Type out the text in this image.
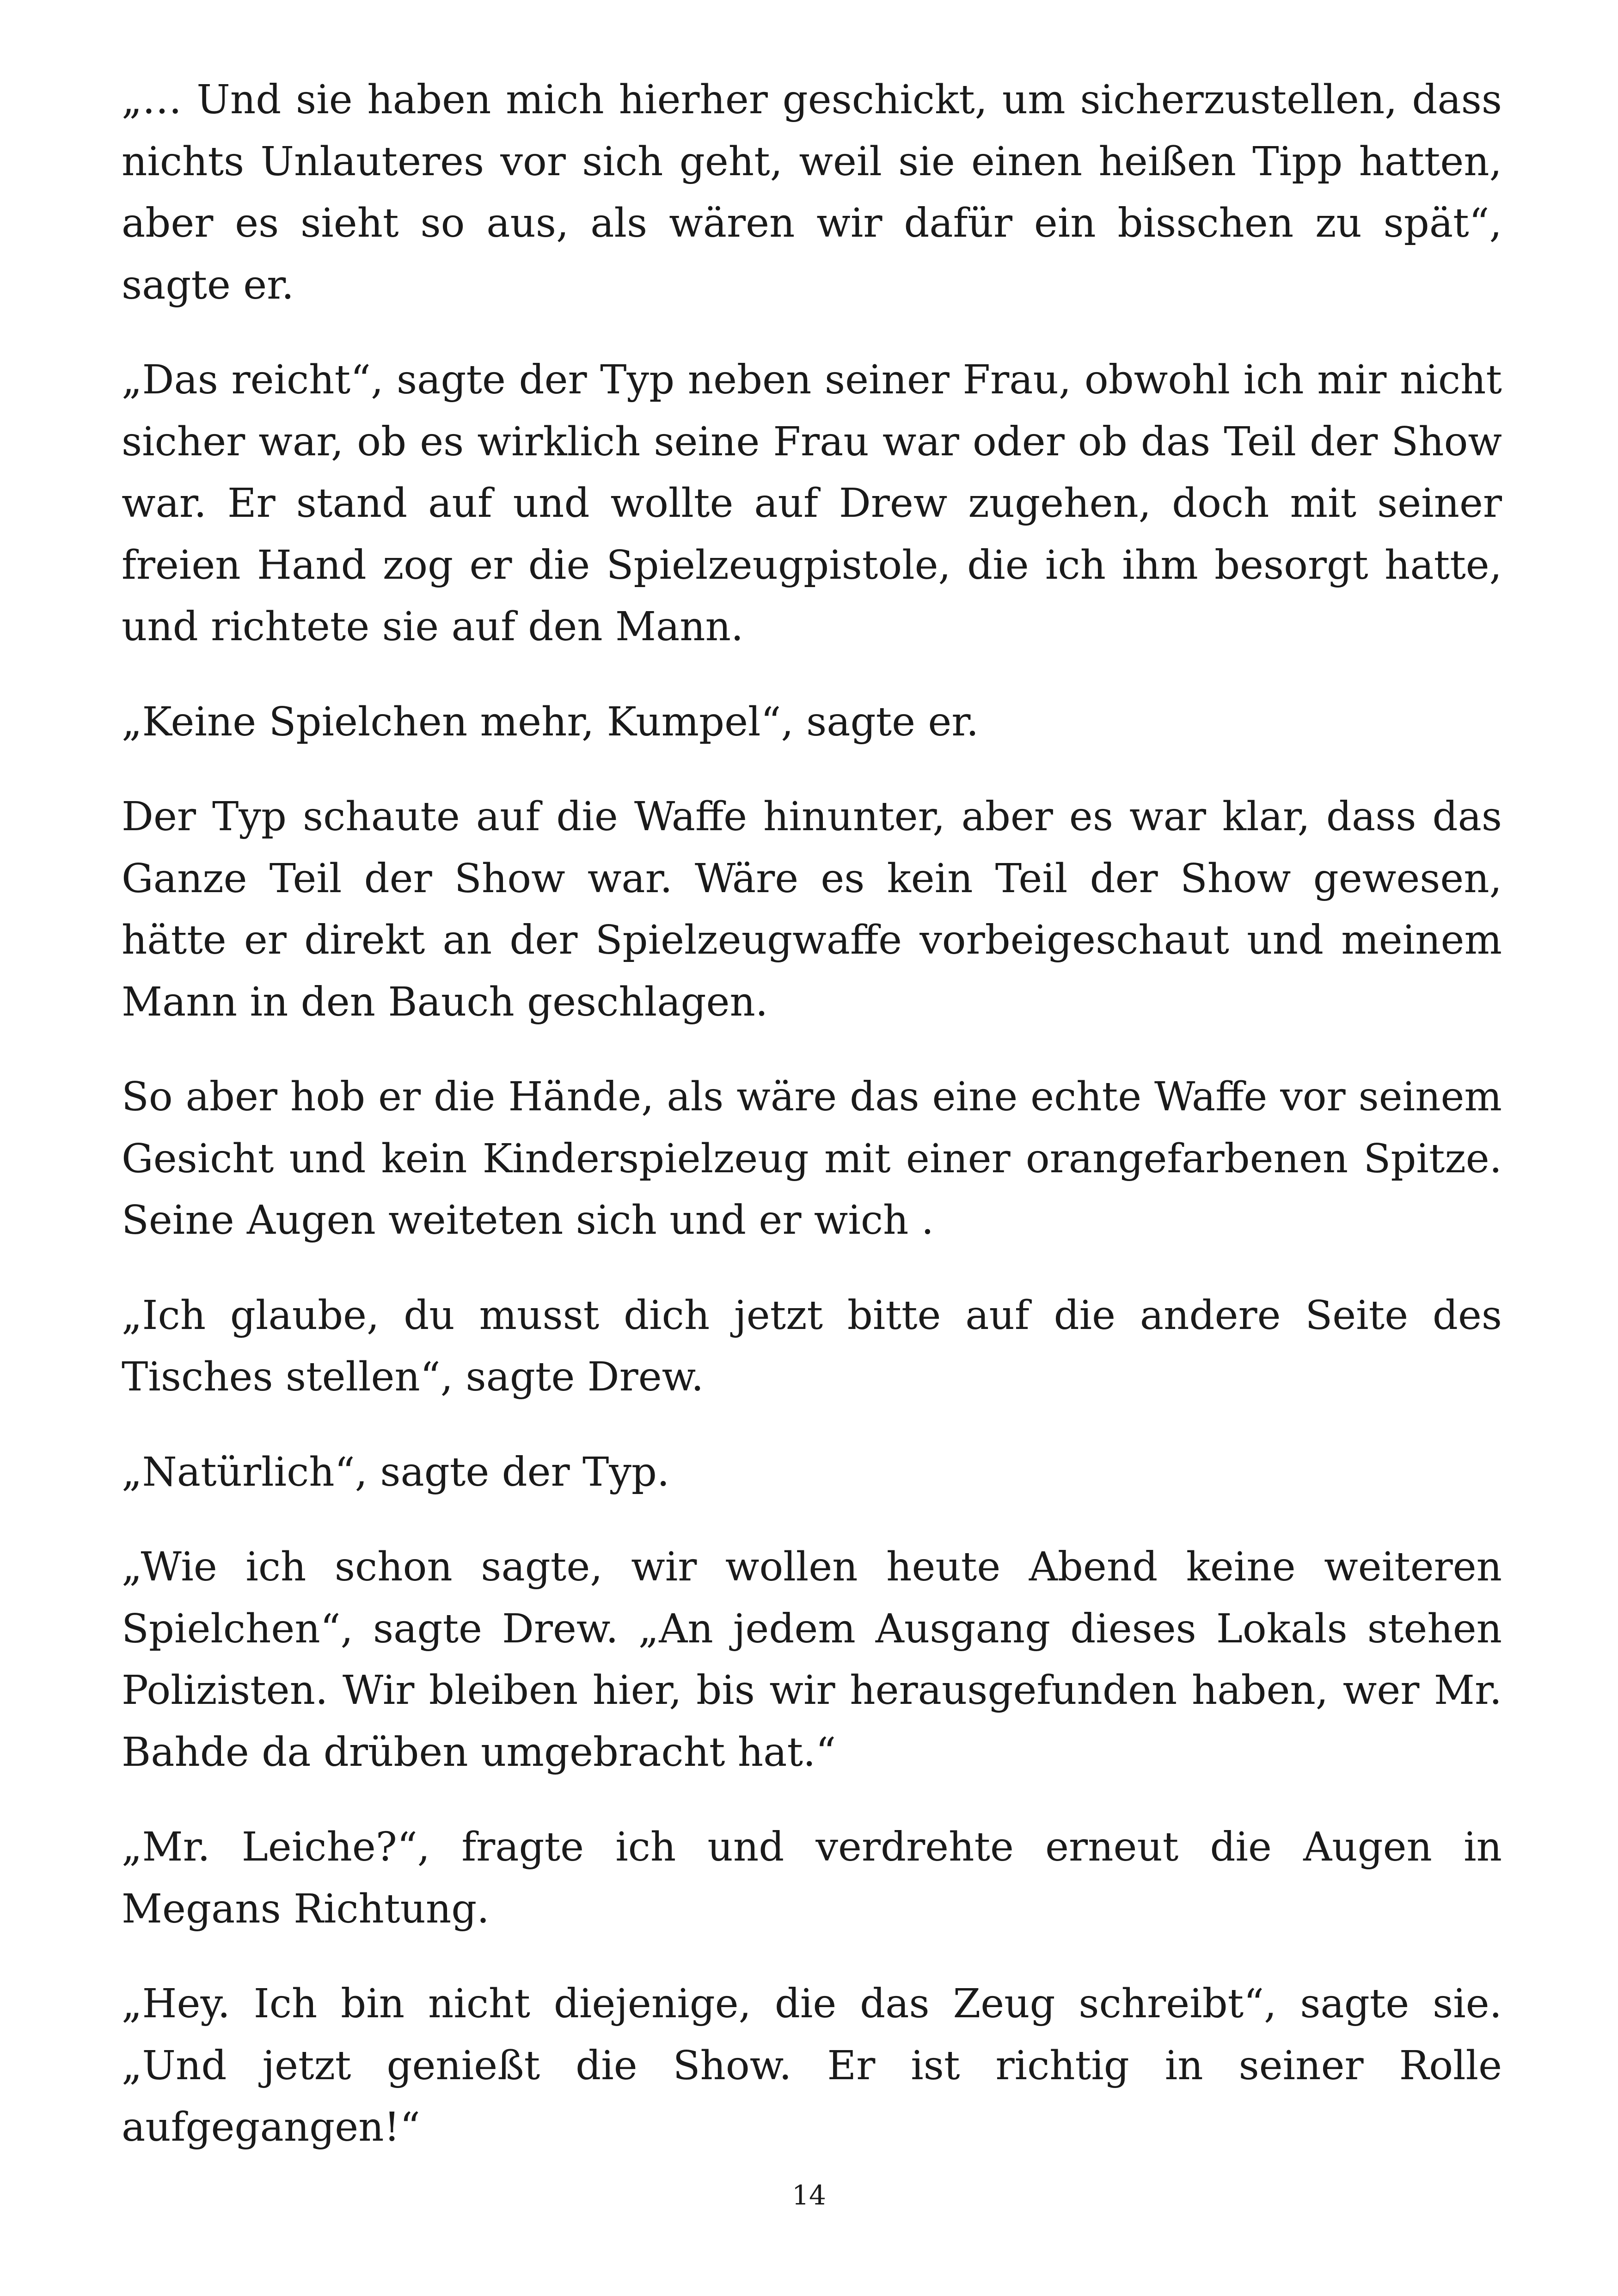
„… Und sie haben mich hierher geschickt, um sicherzustellen, dass nichts Unlauteres vor sich geht, weil sie einen heißen Tipp hatten, aber es sieht so aus, als wären wir dafür ein bisschen zu spät“, sagte er.

„Das reicht“, sagte der Typ neben seiner Frau, obwohl ich mir nicht sicher war, ob es wirklich seine Frau war oder ob das Teil der Show war. Er stand auf und wollte auf Drew zugehen, doch mit seiner freien Hand zog er die Spielzeugpistole, die ich ihm besorgt hatte, und richtete sie auf den Mann.

„Keine Spielchen mehr, Kumpel“, sagte er.

Der Typ schaute auf die Waffe hinunter, aber es war klar, dass das Ganze Teil der Show war. Wäre es kein Teil der Show gewesen, hätte er direkt an der Spielzeugwaffe vorbeigeschaut und meinem Mann in den Bauch geschlagen.

So aber hob er die Hände, als wäre das eine echte Waffe vor seinem Gesicht und kein Kinderspielzeug mit einer orangefarbenen Spitze. Seine Augen weiteten sich und er wich .

„Ich glaube, du musst dich jetzt bitte auf die andere Seite des Tisches stellen“, sagte Drew.

„Natürlich“, sagte der Typ.

„Wie ich schon sagte, wir wollen heute Abend keine weiteren Spielchen“, sagte Drew. „An jedem Ausgang dieses Lokals stehen Polizisten. Wir bleiben hier, bis wir herausgefunden haben, wer Mr. Bahde da drüben umgebracht hat.“

„Mr. Leiche?“, fragte ich und verdrehte erneut die Augen in Megans Richtung.

„Hey. Ich bin nicht diejenige, die das Zeug schreibt“, sagte sie. „Und jetzt genießt die Show. Er ist richtig in seiner Rolle aufgegangen!“

14
